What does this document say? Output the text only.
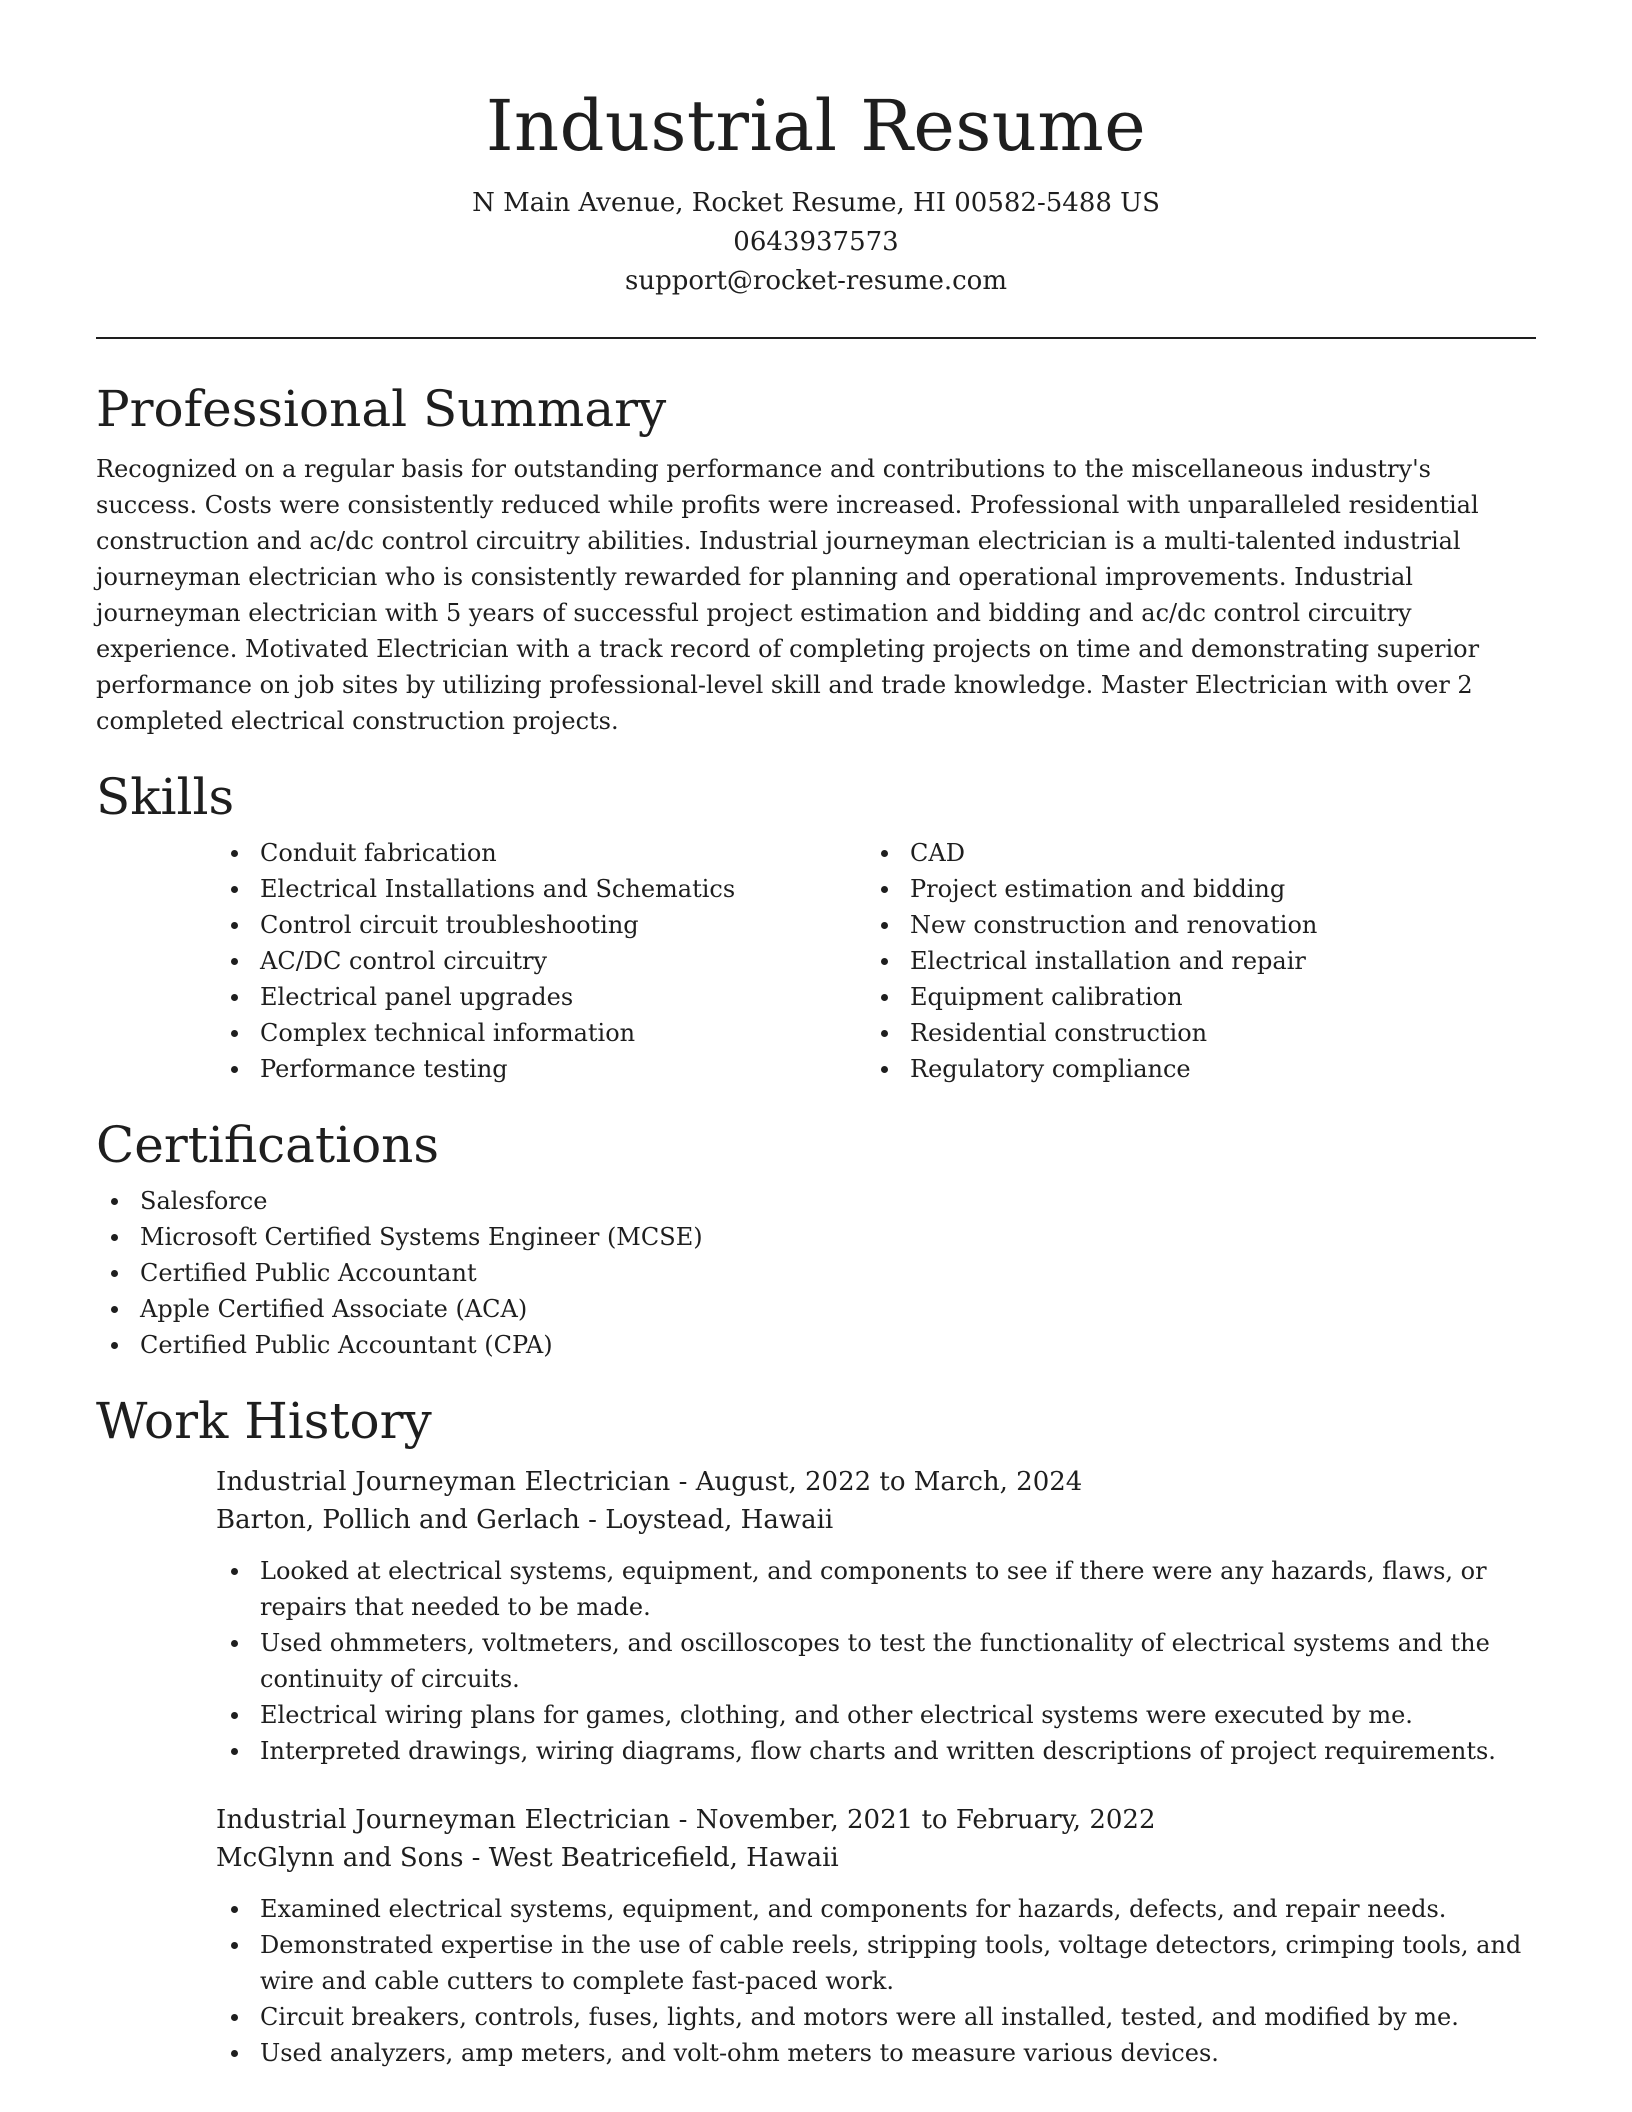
Industrial Resume

N Main Avenue, Rocket Resume, HI 00582-5488 US

0643937573

support@rocket-resume.com

Professional Summary

Recognized on a regular basis for outstanding performance and contributions to the miscellaneous industry's success. Costs were consistently reduced while profits were increased. Professional with unparalleled residential construction and ac/dc control circuitry abilities. Industrial journeyman electrician is a multi-talented industrial journeyman electrician who is consistently rewarded for planning and operational improvements. Industrial journeyman electrician with 5 years of successful project estimation and bidding and ac/dc control circuitry experience. Motivated Electrician with a track record of completing projects on time and demonstrating superior performance on job sites by utilizing professional-level skill and trade knowledge. Master Electrician with over 2 completed electrical construction projects.

Skills
Conduit fabrication
Electrical Installations and Schematics
Control circuit troubleshooting
AC/DC control circuitry
Electrical panel upgrades
Complex technical information
Performance testing
CAD
Project estimation and bidding
New construction and renovation
Electrical installation and repair
Equipment calibration
Residential construction
Regulatory compliance
Certifications
Salesforce
Microsoft Certified Systems Engineer (MCSE)
Certified Public Accountant
Apple Certified Associate (ACA)
Certified Public Accountant (CPA)
Work History

Industrial Journeyman Electrician - August, 2022 to March, 2024

Barton, Pollich and Gerlach - Loystead, Hawaii

Looked at electrical systems, equipment, and components to see if there were any hazards, flaws, or repairs that needed to be made.
Used ohmmeters, voltmeters, and oscilloscopes to test the functionality of electrical systems and the continuity of circuits.
Electrical wiring plans for games, clothing, and other electrical systems were executed by me.
Interpreted drawings, wiring diagrams, flow charts and written descriptions of project requirements.

Industrial Journeyman Electrician - November, 2021 to February, 2022

McGlynn and Sons - West Beatricefield, Hawaii

Examined electrical systems, equipment, and components for hazards, defects, and repair needs.
Demonstrated expertise in the use of cable reels, stripping tools, voltage detectors, crimping tools, and wire and cable cutters to complete fast-paced work.
Circuit breakers, controls, fuses, lights, and motors were all installed, tested, and modified by me.
Used analyzers, amp meters, and volt-ohm meters to measure various devices.
